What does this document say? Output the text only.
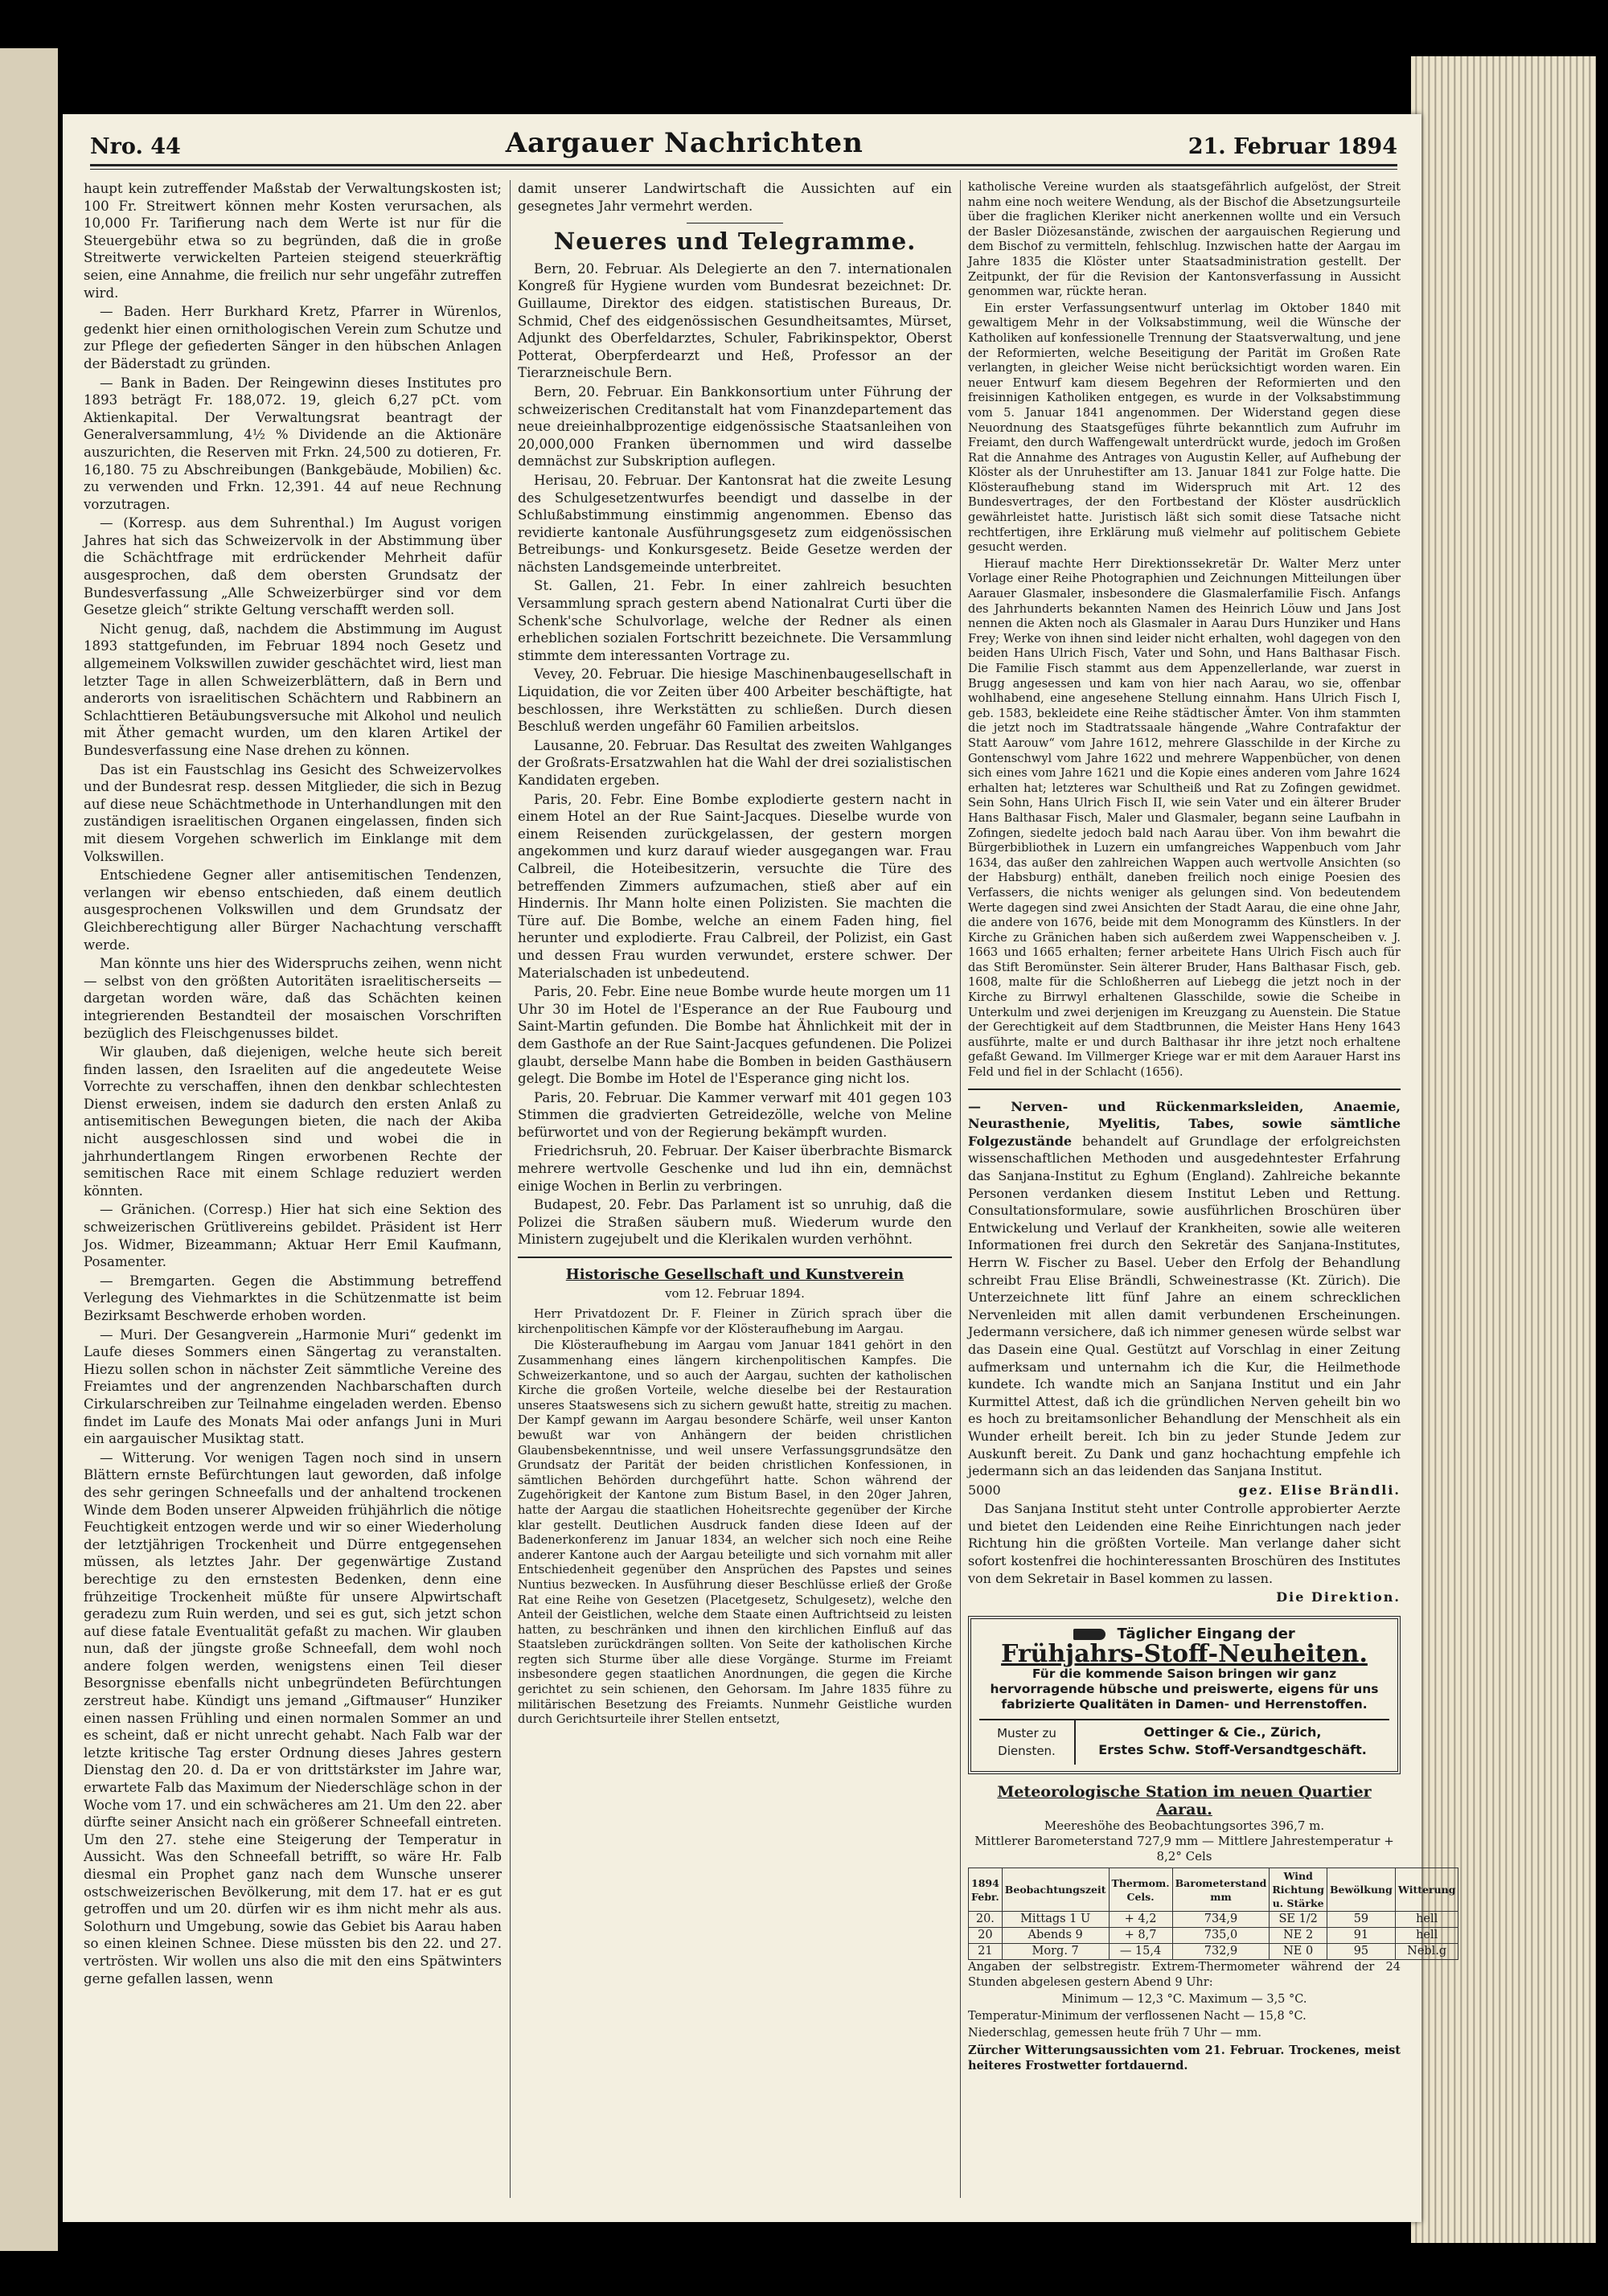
Nro. 44	Aargauer Nachrichten	21. Februar 1894

haupt kein zutreffender Maßstab der Verwaltungskosten ist; 100 Fr. Streitwert können mehr Kosten verursachen, als 10,000 Fr. Tarifierung nach dem Werte ist nur für die Steuergebühr etwa so zu begründen, daß die in große Streitwerte verwickelten Parteien steigend steuerkräftig seien, eine Annahme, die freilich nur sehr ungefähr zutreffen wird.

— Baden. Herr Burkhard Kretz, Pfarrer in Würenlos, gedenkt hier einen ornithologischen Verein zum Schutze und zur Pflege der gefiederten Sänger in den hübschen Anlagen der Bäderstadt zu gründen.

— Bank in Baden. Der Reingewinn dieses Institutes pro 1893 beträgt Fr. 188,072. 19, gleich 6,27 pCt. vom Aktienkapital. Der Verwaltungsrat beantragt der Generalversammlung, 4½ % Dividende an die Aktionäre auszurichten, die Reserven mit Frkn. 24,500 zu dotieren, Fr. 16,180. 75 zu Abschreibungen (Bankgebäude, Mobilien) &c. zu verwenden und Frkn. 12,391. 44 auf neue Rechnung vorzutragen.

— (Korresp. aus dem Suhrenthal.) Im August vorigen Jahres hat sich das Schweizervolk in der Abstimmung über die Schächtfrage mit erdrückender Mehrheit dafür ausgesprochen, daß dem obersten Grundsatz der Bundesverfassung „Alle Schweizerbürger sind vor dem Gesetze gleich“ strikte Geltung verschafft werden soll.

Nicht genug, daß, nachdem die Abstimmung im August 1893 stattgefunden, im Februar 1894 noch Gesetz und allgemeinem Volkswillen zuwider geschächtet wird, liest man letzter Tage in allen Schweizerblättern, daß in Bern und anderorts von israelitischen Schächtern und Rabbinern an Schlachttieren Betäubungsversuche mit Alkohol und neulich mit Äther gemacht wurden, um den klaren Artikel der Bundesverfassung eine Nase drehen zu können.

Das ist ein Faustschlag ins Gesicht des Schweizervolkes und der Bundesrat resp. dessen Mitglieder, die sich in Bezug auf diese neue Schächtmethode in Unterhandlungen mit den zuständigen israelitischen Organen eingelassen, finden sich mit diesem Vorgehen schwerlich im Einklange mit dem Volkswillen.

Entschiedene Gegner aller antisemitischen Tendenzen, verlangen wir ebenso entschieden, daß einem deutlich ausgesprochenen Volkswillen und dem Grundsatz der Gleichberechtigung aller Bürger Nachachtung verschafft werde.

Man könnte uns hier des Widerspruchs zeihen, wenn nicht — selbst von den größten Autoritäten israelitischerseits — dargetan worden wäre, daß das Schächten keinen integrierenden Bestandteil der mosaischen Vorschriften bezüglich des Fleischgenusses bildet.

Wir glauben, daß diejenigen, welche heute sich bereit finden lassen, den Israeliten auf die angedeutete Weise Vorrechte zu verschaffen, ihnen den denkbar schlechtesten Dienst erweisen, indem sie dadurch den ersten Anlaß zu antisemitischen Bewegungen bieten, die nach der Akiba nicht ausgeschlossen sind und wobei die in jahrhundertlangem Ringen erworbenen Rechte der semitischen Race mit einem Schlage reduziert werden könnten.

— Gränichen. (Corresp.) Hier hat sich eine Sektion des schweizerischen Grütlivereins gebildet. Präsident ist Herr Jos. Widmer, Bizeammann; Aktuar Herr Emil Kaufmann, Posamenter.

— Bremgarten. Gegen die Abstimmung betreffend Verlegung des Viehmarktes in die Schützenmatte ist beim Bezirksamt Beschwerde erhoben worden.

— Muri. Der Gesangverein „Harmonie Muri“ gedenkt im Laufe dieses Sommers einen Sängertag zu veranstalten. Hiezu sollen schon in nächster Zeit sämmtliche Vereine des Freiamtes und der angrenzenden Nachbarschaften durch Cirkularschreiben zur Teilnahme eingeladen werden. Ebenso findet im Laufe des Monats Mai oder anfangs Juni in Muri ein aargauischer Musiktag statt.

— Witterung. Vor wenigen Tagen noch sind in unsern Blättern ernste Befürchtungen laut geworden, daß infolge des sehr geringen Schneefalls und der anhaltend trockenen Winde dem Boden unserer Alpweiden frühjährlich die nötige Feuchtigkeit entzogen werde und wir so einer Wiederholung der letztjährigen Trockenheit und Dürre entgegensehen müssen, als letztes Jahr. Der gegenwärtige Zustand berechtige zu den ernstesten Bedenken, denn eine frühzeitige Trockenheit müßte für unsere Alpwirtschaft geradezu zum Ruin werden, und sei es gut, sich jetzt schon auf diese fatale Eventualität gefaßt zu machen. Wir glauben nun, daß der jüngste große Schneefall, dem wohl noch andere folgen werden, wenigstens einen Teil dieser Besorgnisse ebenfalls nicht unbegründeten Befürchtungen zerstreut habe. Kündigt uns jemand „Giftmauser“ Hunziker einen nassen Frühling und einen normalen Sommer an und es scheint, daß er nicht unrecht gehabt. Nach Falb war der letzte kritische Tag erster Ordnung dieses Jahres gestern Dienstag den 20. d. Da er von drittstärkster im Jahre war, erwartete Falb das Maximum der Niederschläge schon in der Woche vom 17. und ein schwächeres am 21. Um den 22. aber dürfte seiner Ansicht nach ein größerer Schneefall eintreten. Um den 27. stehe eine Steigerung der Temperatur in Aussicht. Was den Schneefall betrifft, so wäre Hr. Falb diesmal ein Prophet ganz nach dem Wunsche unserer ostschweizerischen Bevölkerung, mit dem 17. hat er es gut getroffen und um 20. dürfen wir es ihm nicht mehr als aus. Solothurn und Umgebung, sowie das Gebiet bis Aarau haben so einen kleinen Schnee. Diese müssten bis den 22. und 27. vertrösten. Wir wollen uns also die mit den eins Spätwinters gerne gefallen lassen, wenn

damit unserer Landwirtschaft die Aussichten auf ein gesegnetes Jahr vermehrt werden.

Neueres und Telegramme.

Bern, 20. Februar. Als Delegierte an den 7. internationalen Kongreß für Hygiene wurden vom Bundesrat bezeichnet: Dr. Guillaume, Direktor des eidgen. statistischen Bureaus, Dr. Schmid, Chef des eidgenössischen Gesundheitsamtes, Mürset, Adjunkt des Oberfeldarztes, Schuler, Fabrikinspektor, Oberst Potterat, Oberpferdearzt und Heß, Professor an der Tierarzneischule Bern.

Bern, 20. Februar. Ein Bankkonsortium unter Führung der schweizerischen Creditanstalt hat vom Finanzdepartement das neue dreieinhalbprozentige eidgenössische Staatsanleihen von 20,000,000 Franken übernommen und wird dasselbe demnächst zur Subskription auflegen.

Herisau, 20. Februar. Der Kantonsrat hat die zweite Lesung des Schulgesetzentwurfes beendigt und dasselbe in der Schlußabstimmung einstimmig angenommen. Ebenso das revidierte kantonale Ausführungsgesetz zum eidgenössischen Betreibungs- und Konkursgesetz. Beide Gesetze werden der nächsten Landsgemeinde unterbreitet.

St. Gallen, 21. Febr. In einer zahlreich besuchten Versammlung sprach gestern abend Nationalrat Curti über die Schenk'sche Schulvorlage, welche der Redner als einen erheblichen sozialen Fortschritt bezeichnete. Die Versammlung stimmte dem interessanten Vortrage zu.

Vevey, 20. Februar. Die hiesige Maschinenbaugesellschaft in Liquidation, die vor Zeiten über 400 Arbeiter beschäftigte, hat beschlossen, ihre Werkstätten zu schließen. Durch diesen Beschluß werden ungefähr 60 Familien arbeitslos.

Lausanne, 20. Februar. Das Resultat des zweiten Wahlganges der Großrats-Ersatzwahlen hat die Wahl der drei sozialistischen Kandidaten ergeben.

Paris, 20. Febr. Eine Bombe explodierte gestern nacht in einem Hotel an der Rue Saint-Jacques. Dieselbe wurde von einem Reisenden zurückgelassen, der gestern morgen angekommen und kurz darauf wieder ausgegangen war. Frau Calbreil, die Hoteibesitzerin, versuchte die Türe des betreffenden Zimmers aufzumachen, stieß aber auf ein Hindernis. Ihr Mann holte einen Polizisten. Sie machten die Türe auf. Die Bombe, welche an einem Faden hing, fiel herunter und explodierte. Frau Calbreil, der Polizist, ein Gast und dessen Frau wurden verwundet, erstere schwer. Der Materialschaden ist unbedeutend.

Paris, 20. Febr. Eine neue Bombe wurde heute morgen um 11 Uhr 30 im Hotel de l'Esperance an der Rue Faubourg und Saint-Martin gefunden. Die Bombe hat Ähnlichkeit mit der in dem Gasthofe an der Rue Saint-Jacques gefundenen. Die Polizei glaubt, derselbe Mann habe die Bomben in beiden Gasthäusern gelegt. Die Bombe im Hotel de l'Esperance ging nicht los.

Paris, 20. Februar. Die Kammer verwarf mit 401 gegen 103 Stimmen die gradvierten Getreidezölle, welche von Meline befürwortet und von der Regierung bekämpft wurden.

Friedrichsruh, 20. Februar. Der Kaiser überbrachte Bismarck mehrere wertvolle Geschenke und lud ihn ein, demnächst einige Wochen in Berlin zu verbringen.

Budapest, 20. Febr. Das Parlament ist so unruhig, daß die Polizei die Straßen säubern muß. Wiederum wurde den Ministern zugejubelt und die Klerikalen wurden verhöhnt.

Historische Gesellschaft und Kunstverein
vom 12. Februar 1894.

Herr Privatdozent Dr. F. Fleiner in Zürich sprach über die kirchenpolitischen Kämpfe vor der Klösteraufhebung im Aargau.

Die Klösteraufhebung im Aargau vom Januar 1841 gehört in den Zusammenhang eines längern kirchenpolitischen Kampfes. Die Schweizerkantone, und so auch der Aargau, suchten der katholischen Kirche die großen Vorteile, welche dieselbe bei der Restauration unseres Staatswesens sich zu sichern gewußt hatte, streitig zu machen. Der Kampf gewann im Aargau besondere Schärfe, weil unser Kanton bewußt war von Anhängern der beiden christlichen Glaubensbekenntnisse, und weil unsere Verfassungsgrundsätze den Grundsatz der Parität der beiden christlichen Konfessionen, in sämtlichen Behörden durchgeführt hatte. Schon während der Zugehörigkeit der Kantone zum Bistum Basel, in den 20ger Jahren, hatte der Aargau die staatlichen Hoheitsrechte gegenüber der Kirche klar gestellt. Deutlichen Ausdruck fanden diese Ideen auf der Badenerkonferenz im Januar 1834, an welcher sich noch eine Reihe anderer Kantone auch der Aargau beteiligte und sich vornahm mit aller Entschiedenheit gegenüber den Ansprüchen des Papstes und seines Nuntius bezwecken. In Ausführung dieser Beschlüsse erließ der Große Rat eine Reihe von Gesetzen (Placetgesetz, Schulgesetz), welche den Anteil der Geistlichen, welche dem Staate einen Auftrichtseid zu leisten hatten, zu beschränken und ihnen den kirchlichen Einfluß auf das Staatsleben zurückdrängen sollten. Von Seite der katholischen Kirche regten sich Sturme über alle diese Vorgänge. Sturme im Freiamt insbesondere gegen staatlichen Anordnungen, die gegen die Kirche gerichtet zu sein schienen, den Gehorsam. Im Jahre 1835 führe zu militärischen Besetzung des Freiamts. Nunmehr Geistliche wurden durch Gerichtsurteile ihrer Stellen entsetzt,

katholische Vereine wurden als staatsgefährlich aufgelöst, der Streit nahm eine noch weitere Wendung, als der Bischof die Absetzungsurteile über die fraglichen Kleriker nicht anerkennen wollte und ein Versuch der Basler Diözesanstände, zwischen der aargauischen Regierung und dem Bischof zu vermitteln, fehlschlug. Inzwischen hatte der Aargau im Jahre 1835 die Klöster unter Staatsadministration gestellt. Der Zeitpunkt, der für die Revision der Kantonsverfassung in Aussicht genommen war, rückte heran.

Ein erster Verfassungsentwurf unterlag im Oktober 1840 mit gewaltigem Mehr in der Volksabstimmung, weil die Wünsche der Katholiken auf konfessionelle Trennung der Staatsverwaltung, und jene der Reformierten, welche Beseitigung der Parität im Großen Rate verlangten, in gleicher Weise nicht berücksichtigt worden waren. Ein neuer Entwurf kam diesem Begehren der Reformierten und den freisinnigen Katholiken entgegen, es wurde in der Volksabstimmung vom 5. Januar 1841 angenommen. Der Widerstand gegen diese Neuordnung des Staatsgefüges führte bekanntlich zum Aufruhr im Freiamt, den durch Waffengewalt unterdrückt wurde, jedoch im Großen Rat die Annahme des Antrages von Augustin Keller, auf Aufhebung der Klöster als der Unruhestifter am 13. Januar 1841 zur Folge hatte. Die Klösteraufhebung stand im Widerspruch mit Art. 12 des Bundesvertrages, der den Fortbestand der Klöster ausdrücklich gewährleistet hatte. Juristisch läßt sich somit diese Tatsache nicht rechtfertigen, ihre Erklärung muß vielmehr auf politischem Gebiete gesucht werden.

Hierauf machte Herr Direktionssekretär Dr. Walter Merz unter Vorlage einer Reihe Photographien und Zeichnungen Mitteilungen über Aarauer Glasmaler, insbesondere die Glasmalerfamilie Fisch. Anfangs des Jahrhunderts bekannten Namen des Heinrich Löuw und Jans Jost nennen die Akten noch als Glasmaler in Aarau Durs Hunziker und Hans Frey; Werke von ihnen sind leider nicht erhalten, wohl dagegen von den beiden Hans Ulrich Fisch, Vater und Sohn, und Hans Balthasar Fisch. Die Familie Fisch stammt aus dem Appenzellerlande, war zuerst in Brugg angesessen und kam von hier nach Aarau, wo sie, offenbar wohlhabend, eine angesehene Stellung einnahm. Hans Ulrich Fisch I, geb. 1583, bekleidete eine Reihe städtischer Ämter. Von ihm stammten die jetzt noch im Stadtratssaale hängende „Wahre Contrafaktur der Statt Aarouw“ vom Jahre 1612, mehrere Glasschilde in der Kirche zu Gontenschwyl vom Jahre 1622 und mehrere Wappenbücher, von denen sich eines vom Jahre 1621 und die Kopie eines anderen vom Jahre 1624 erhalten hat; letzteres war Schultheiß und Rat zu Zofingen gewidmet. Sein Sohn, Hans Ulrich Fisch II, wie sein Vater und ein älterer Bruder Hans Balthasar Fisch, Maler und Glasmaler, begann seine Laufbahn in Zofingen, siedelte jedoch bald nach Aarau über. Von ihm bewahrt die Bürgerbibliothek in Luzern ein umfangreiches Wappenbuch vom Jahr 1634, das außer den zahlreichen Wappen auch wertvolle Ansichten (so der Habsburg) enthält, daneben freilich noch einige Poesien des Verfassers, die nichts weniger als gelungen sind. Von bedeutendem Werte dagegen sind zwei Ansichten der Stadt Aarau, die eine ohne Jahr, die andere von 1676, beide mit dem Monogramm des Künstlers. In der Kirche zu Gränichen haben sich außerdem zwei Wappenscheiben v. J. 1663 und 1665 erhalten; ferner arbeitete Hans Ulrich Fisch auch für das Stift Beromünster. Sein älterer Bruder, Hans Balthasar Fisch, geb. 1608, malte für die Schloßherren auf Liebegg die jetzt noch in der Kirche zu Birrwyl erhaltenen Glasschilde, sowie die Scheibe in Unterkulm und zwei derjenigen im Kreuzgang zu Auenstein. Die Statue der Gerechtigkeit auf dem Stadtbrunnen, die Meister Hans Heny 1643 ausführte, malte er und durch Balthasar ihr ihre jetzt noch erhaltene gefaßt Gewand. Im Villmerger Kriege war er mit dem Aarauer Harst ins Feld und fiel in der Schlacht (1656).

— Nerven- und Rückenmarksleiden, Anaemie, Neurasthenie, Myelitis, Tabes, sowie sämtliche Folgezustände behandelt auf Grundlage der erfolgreichsten wissenschaftlichen Methoden und ausgedehntester Erfahrung das Sanjana-Institut zu Eghum (England). Zahlreiche bekannte Personen verdanken diesem Institut Leben und Rettung. Consultationsformulare, sowie ausführlichen Broschüren über Entwickelung und Verlauf der Krankheiten, sowie alle weiteren Informationen frei durch den Sekretär des Sanjana-Institutes, Herrn W. Fischer zu Basel. Ueber den Erfolg der Behandlung schreibt Frau Elise Brändli, Schweinestrasse (Kt. Zürich). Die Unterzeichnete litt fünf Jahre an einem schrecklichen Nervenleiden mit allen damit verbundenen Erscheinungen. Jedermann versichere, daß ich nimmer genesen würde selbst war das Dasein eine Qual. Gestützt auf Vorschlag in einer Zeitung aufmerksam und unternahm ich die Kur, die Heilmethode kundete. Ich wandte mich an Sanjana Institut und ein Jahr Kurmittel Attest, daß ich die gründlichen Nerven geheilt bin wo es hoch zu breitamsonlicher Behandlung der Menschheit als ein Wunder erheilt bereit. Ich bin zu jeder Stunde Jedem zur Auskunft bereit. Zu Dank und ganz hochachtung empfehle ich jedermann sich an das leidenden das Sanjana Institut.

5000	gez. Elise Brändli.

Das Sanjana Institut steht unter Controlle approbierter Aerzte und bietet den Leidenden eine Reihe Einrichtungen nach jeder Richtung hin die größten Vorteile. Man verlange daher sicht sofort kostenfrei die hochinteressanten Broschüren des Institutes von dem Sekretair in Basel kommen zu lassen.

Die Direktion.

Täglicher Eingang der
Frühjahrs-Stoff-Neuheiten.
Für die kommende Saison bringen wir ganz hervorragende hübsche und preiswerte, eigens für uns fabrizierte Qualitäten in Damen- und Herrenstoffen.
Muster zu Diensten.
Oettinger & Cie., Zürich,
Erstes Schw. Stoff-Versandtgeschäft.
Meteorologische Station im neuen Quartier Aarau.
Meereshöhe des Beobachtungsortes 396,7 m.
Mittlerer Barometerstand 727,9 mm — Mittlere Jahrestemperatur + 8,2° Cels
1894 Febr.	Beobachtungszeit	Thermom. Cels.	Barometerstand mm	Wind Richtung u. Stärke	Bewölkung	Witterung
20.	Mittags 1 U	+ 4,2	734,9	SE 1/2	59	hell
20	Abends 9	+ 8,7	735,0	NE 2	91	hell
21	Morg. 7	— 15,4	732,9	NE 0	95	Nebl.g

Angaben der selbstregistr. Extrem-Thermometer während der 24 Stunden abgelesen gestern Abend 9 Uhr:

Minimum — 12,3 °C. Maximum — 3,5 °C.

Temperatur-Minimum der verflossenen Nacht — 15,8 °C.

Niederschlag, gemessen heute früh 7 Uhr — mm.

Zürcher Witterungsaussichten vom 21. Februar. Trockenes, meist heiteres Frostwetter fortdauernd.
